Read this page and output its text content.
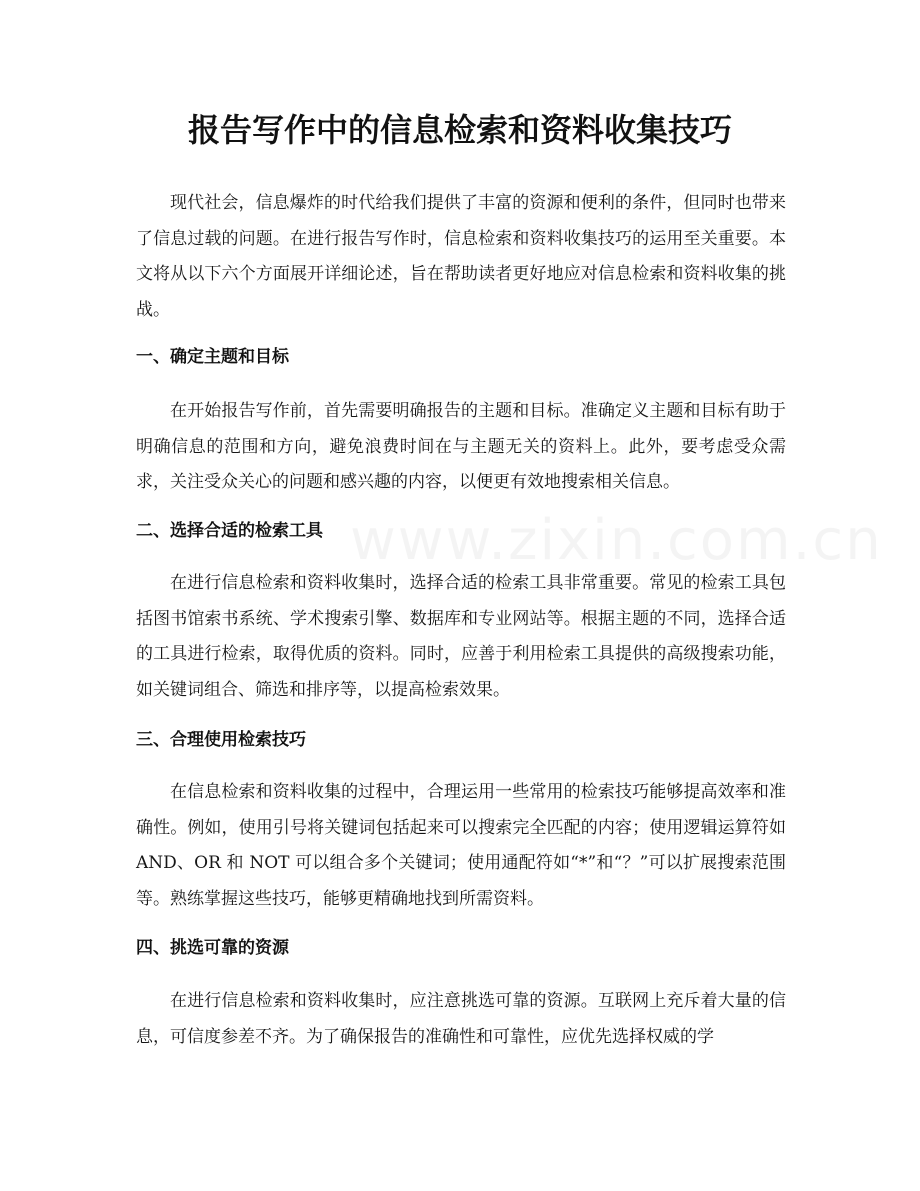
报告写作中的信息检索和资料收集技巧

现代社会，信息爆炸的时代给我们提供了丰富的资源和便利的条件，但同时也带来了信息过载的问题。在进行报告写作时，信息检索和资料收集技巧的运用至关重要。本文将从以下六个方面展开详细论述，旨在帮助读者更好地应对信息检索和资料收集的挑战。

一、确定主题和目标

在开始报告写作前，首先需要明确报告的主题和目标。准确定义主题和目标有助于明确信息的范围和方向，避免浪费时间在与主题无关的资料上。此外，要考虑受众需求，关注受众关心的问题和感兴趣的内容，以便更有效地搜索相关信息。

二、选择合适的检索工具

在进行信息检索和资料收集时，选择合适的检索工具非常重要。常见的检索工具包括图书馆索书系统、学术搜索引擎、数据库和专业网站等。根据主题的不同，选择合适的工具进行检索，取得优质的资料。同时，应善于利用检索工具提供的高级搜索功能，如关键词组合、筛选和排序等，以提高检索效果。

三、合理使用检索技巧

在信息检索和资料收集的过程中，合理运用一些常用的检索技巧能够提高效率和准确性。例如，使用引号将关键词包括起来可以搜索完全匹配的内容；使用逻辑运算符如 AND、OR 和 NOT 可以组合多个关键词；使用通配符如“*”和“？”可以扩展搜索范围等。熟练掌握这些技巧，能够更精确地找到所需资料。

四、挑选可靠的资源

在进行信息检索和资料收集时，应注意挑选可靠的资源。互联网上充斥着大量的信息，可信度参差不齐。为了确保报告的准确性和可靠性，应优先选择权威的学
